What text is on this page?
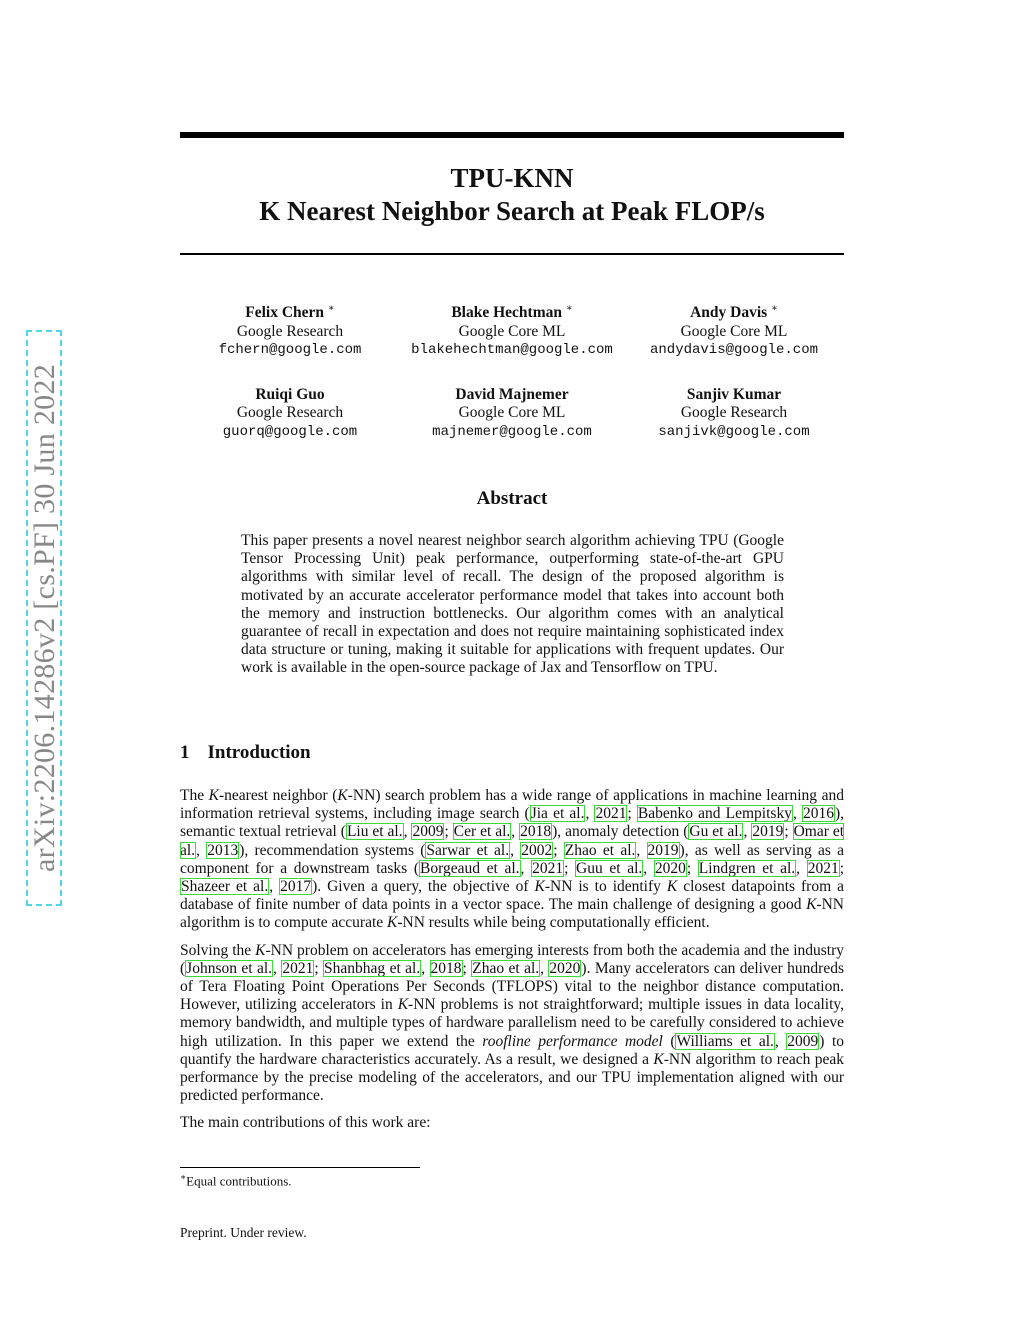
arXiv:2206.14286v2 [cs.PF] 30 Jun 2022
TPU-KNN
K Nearest Neighbor Search at Peak FLOP/s
Felix Chern ∗
Google Research
fchern@google.com
Blake Hechtman ∗
Google Core ML
blakehechtman@google.com
Andy Davis ∗
Google Core ML
andydavis@google.com
Ruiqi Guo
Google Research
guorq@google.com
David Majnemer
Google Core ML
majnemer@google.com
Sanjiv Kumar
Google Research
sanjivk@google.com
Abstract
This paper presents a novel nearest neighbor search algorithm achieving TPU (Google Tensor Processing Unit) peak performance, outperforming state-of-the-art GPU algorithms with similar level of recall. The design of the proposed algorithm is motivated by an accurate accelerator performance model that takes into account both the memory and instruction bottlenecks. Our algorithm comes with an analytical guarantee of recall in expectation and does not require maintaining sophisticated index data structure or tuning, making it suitable for applications with frequent updates. Our work is available in the open-source package of Jax and Tensorflow on TPU.
1 Introduction

The K-nearest neighbor (K-NN) search problem has a wide range of applications in machine learning and information retrieval systems, including image search (Jia et al., 2021; Babenko and Lempitsky, 2016), semantic textual retrieval (Liu et al., 2009; Cer et al., 2018), anomaly detection (Gu et al., 2019; Omar et al., 2013), recommendation systems (Sarwar et al., 2002; Zhao et al., 2019), as well as serving as a component for a downstream tasks (Borgeaud et al., 2021; Guu et al., 2020; Lindgren et al., 2021; Shazeer et al., 2017). Given a query, the objective of K-NN is to identify K closest datapoints from a database of finite number of data points in a vector space. The main challenge of designing a good K-NN algorithm is to compute accurate K-NN results while being computationally efficient.

Solving the K-NN problem on accelerators has emerging interests from both the academia and the industry (Johnson et al., 2021; Shanbhag et al., 2018; Zhao et al., 2020). Many accelerators can deliver hundreds of Tera Floating Point Operations Per Seconds (TFLOPS) vital to the neighbor distance computation. However, utilizing accelerators in K-NN problems is not straightforward; multiple issues in data locality, memory bandwidth, and multiple types of hardware parallelism need to be carefully considered to achieve high utilization. In this paper we extend the roofline performance model (Williams et al., 2009) to quantify the hardware characteristics accurately. As a result, we designed a K-NN algorithm to reach peak performance by the precise modeling of the accelerators, and our TPU implementation aligned with our predicted performance.

The main contributions of this work are:

∗Equal contributions.
Preprint. Under review.
